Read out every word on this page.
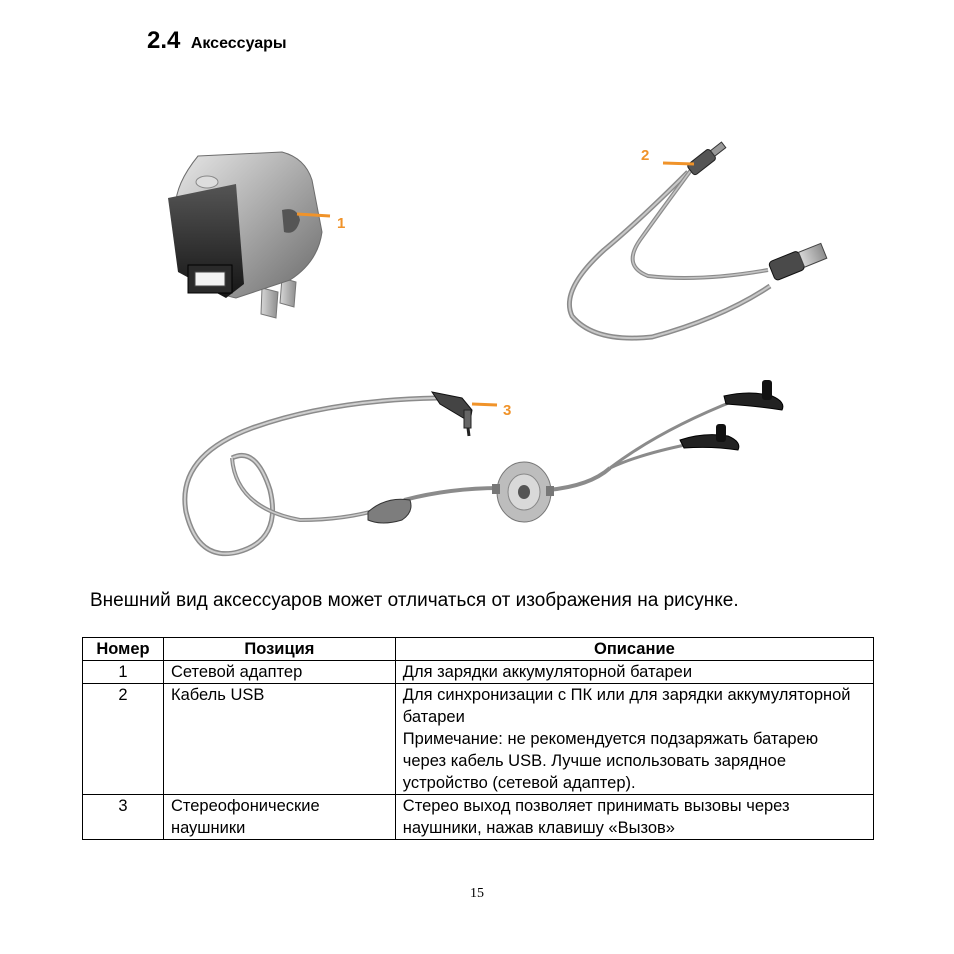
2.4 Аксессуары
1
2
3
Внешний вид аксессуаров может отличаться от изображения на рисунке.
Номер	Позиция	Описание
1	Сетевой адаптер	Для зарядки аккумуляторной батареи
2	Кабель USB	Для синхронизации с ПК или для зарядки аккумуляторной батареи
Примечание: не рекомендуется подзаряжать батарею через кабель USB. Лучше использовать зарядное устройство (сетевой адаптер).

3	Стереофонические наушники	Стерео выход позволяет принимать вызовы через наушники, нажав клавишу «Вызов»
15
